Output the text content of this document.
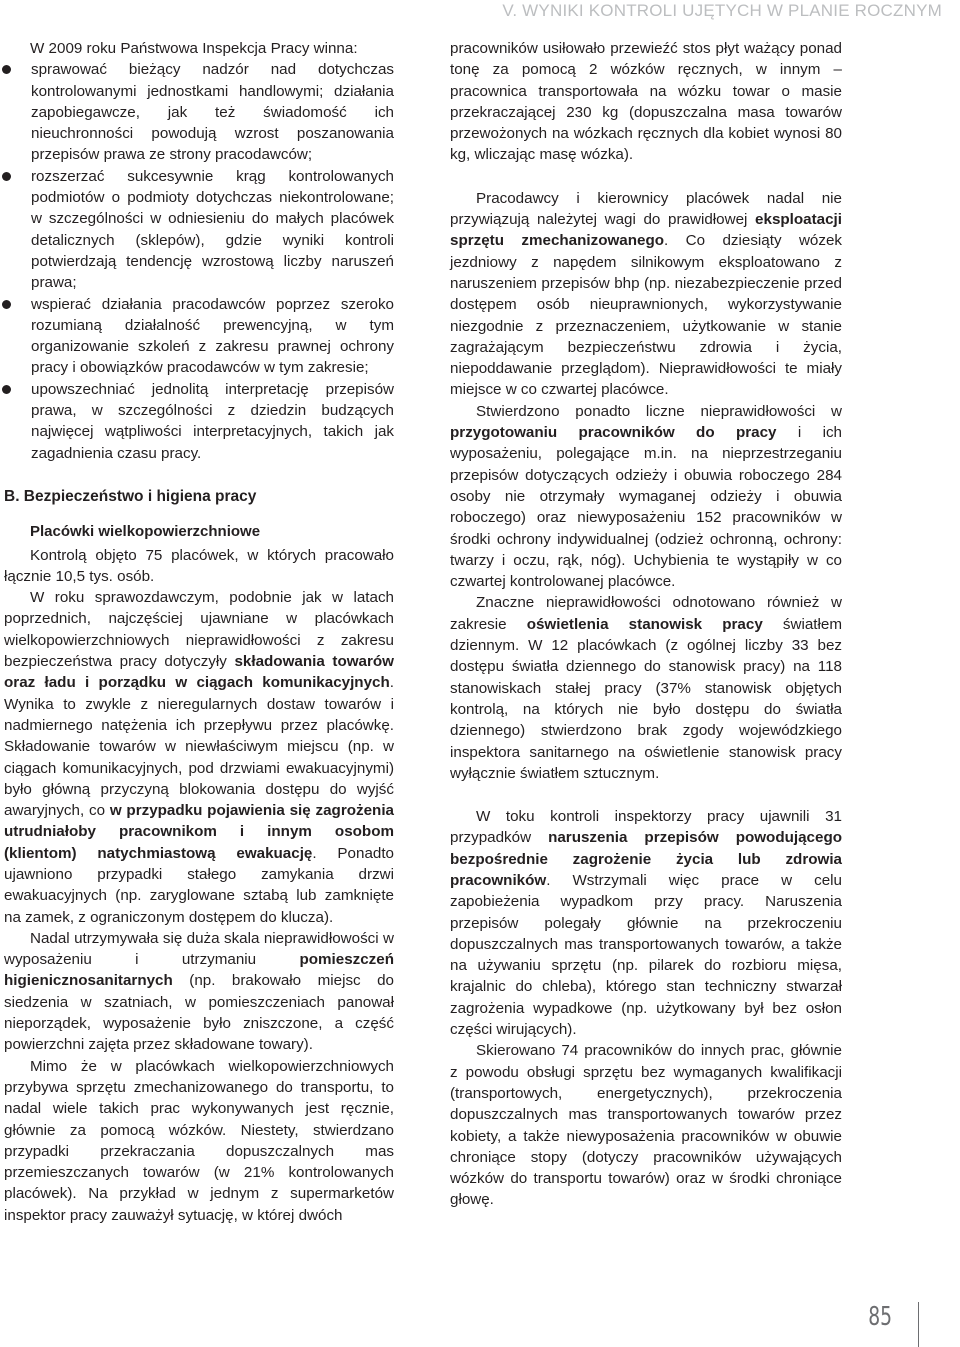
V. WYNIKI KONTROLI UJĘTYCH W PLANIE ROCZNYM

W 2009 roku Państwowa Inspekcja Pracy winna:

sprawować bieżący nadzór nad dotychczas kontrolowanymi jednostkami handlowymi; działania zapobiegawcze, jak też świadomość ich nieuchronności powodują wzrost poszanowania przepisów prawa ze strony pracodawców;
rozszerzać sukcesywnie krąg kontrolowanych podmiotów o podmioty dotychczas niekontrolowane; w szczególności w odniesieniu do małych placówek detalicznych (sklepów), gdzie wyniki kontroli potwierdzają tendencję wzrostową liczby naruszeń prawa;
wspierać działania pracodawców poprzez szeroko rozumianą działalność prewencyjną, w tym organizowanie szkoleń z zakresu prawnej ochrony pracy i obowiązków pracodawców w tym zakresie;
upowszechniać jednolitą interpretację przepisów prawa, w szczególności z dziedzin budzących najwięcej wątpliwości interpretacyjnych, takich jak zagadnienia czasu pracy.
B. Bezpieczeństwo i higiena pracy
Placówki wielkopowierzchniowe

Kontrolą objęto 75 placówek, w których pracowało łącznie 10,5 tys. osób.

W roku sprawozdawczym, podobnie jak w latach poprzednich, najczęściej ujawniane w placówkach wielkopowierzchniowych nieprawidłowości z zakresu bezpieczeństwa pracy dotyczyły składowania towarów oraz ładu i porządku w ciągach komunikacyjnych. Wynika to zwykle z nieregularnych dostaw towarów i nadmiernego natężenia ich przepływu przez placówkę. Składowanie towarów w niewłaściwym miejscu (np. w ciągach komunikacyjnych, pod drzwiami ewakuacyjnymi) było główną przyczyną blokowania dostępu do wyjść awaryjnych, co w przypadku pojawienia się zagrożenia utrudniałoby pracownikom i innym osobom (klientom) natychmiastową ewakuację. Ponadto ujawniono przypadki stałego zamykania drzwi ewakuacyjnych (np. zaryglowane sztabą lub zamknięte na zamek, z ograniczonym dostępem do klucza).

Nadal utrzymywała się duża skala nieprawidłowości w wyposażeniu i utrzymaniu pomieszczeń higienicznosanitarnych (np. brakowało miejsc do siedzenia w szatniach, w pomieszczeniach panował nieporządek, wyposażenie było zniszczone, a część powierzchni zajęta przez składowane towary).

Mimo że w placówkach wielkopowierzchniowych przybywa sprzętu zmechanizowanego do transportu, to nadal wiele takich prac wykonywanych jest ręcznie, głównie za pomocą wózków. Niestety, stwierdzano przypadki przekraczania dopuszczalnych mas przemieszczanych towarów (w 21% kontrolowanych placówek). Na przykład w jednym z supermarketów inspektor pracy zauważył sytuację, w której dwóch

pracowników usiłowało przewieźć stos płyt ważący ponad tonę za pomocą 2 wózków ręcznych, w innym – pracownica transportowała na wózku towar o masie przekraczającej 230 kg (dopuszczalna masa towarów przewożonych na wózkach ręcznych dla kobiet wynosi 80 kg, wliczając masę wózka).

Pracodawcy i kierownicy placówek nadal nie przywiązują należytej wagi do prawidłowej eksploatacji sprzętu zmechanizowanego. Co dziesiąty wózek jezdniowy z napędem silnikowym eksploatowano z naruszeniem przepisów bhp (np. niezabezpieczenie przed dostępem osób nieuprawnionych, wykorzystywanie niezgodnie z przeznaczeniem, użytkowanie w stanie zagrażającym bezpieczeństwu zdrowia i życia, niepoddawanie przeglądom). Nieprawidłowości te miały miejsce w co czwartej placówce.

Stwierdzono ponadto liczne nieprawidłowości w przygotowaniu pracowników do pracy i ich wyposażeniu, polegające m.in. na nieprzestrzeganiu przepisów dotyczących odzieży i obuwia roboczego 284 osoby nie otrzymały wymaganej odzieży i obuwia roboczego) oraz niewyposażeniu 152 pracowników w środki ochrony indywidualnej (odzież ochronną, ochrony: twarzy i oczu, rąk, nóg). Uchybienia te wystąpiły w co czwartej kontrolowanej placówce.

Znaczne nieprawidłowości odnotowano również w zakresie oświetlenia stanowisk pracy światłem dziennym. W 12 placówkach (z ogólnej liczby 33 bez dostępu światła dziennego do stanowisk pracy) na 118 stanowiskach stałej pracy (37% stanowisk objętych kontrolą, na których nie było dostępu do światła dziennego) stwierdzono brak zgody wojewódzkiego inspektora sanitarnego na oświetlenie stanowisk pracy wyłącznie światłem sztucznym.

W toku kontroli inspektorzy pracy ujawnili 31 przypadków naruszenia przepisów powodującego bezpośrednie zagrożenie życia lub zdrowia pracowników. Wstrzymali więc prace w celu zapobieżenia wypadkom przy pracy. Naruszenia przepisów polegały głównie na przekroczeniu dopuszczalnych mas transportowanych towarów, a także na używaniu sprzętu (np. pilarek do rozbioru mięsa, krajalnic do chleba), którego stan techniczny stwarzał zagrożenia wypadkowe (np. użytkowany był bez osłon części wirujących).

Skierowano 74 pracowników do innych prac, głównie z powodu obsługi sprzętu bez wymaganych kwalifikacji (transportowych, energetycznych), przekroczenia dopuszczalnych mas transportowanych towarów przez kobiety, a także niewyposażenia pracowników w obuwie chroniące stopy (dotyczy pracowników używających wózków do transportu towarów) oraz w środki chroniące głowę.

85
